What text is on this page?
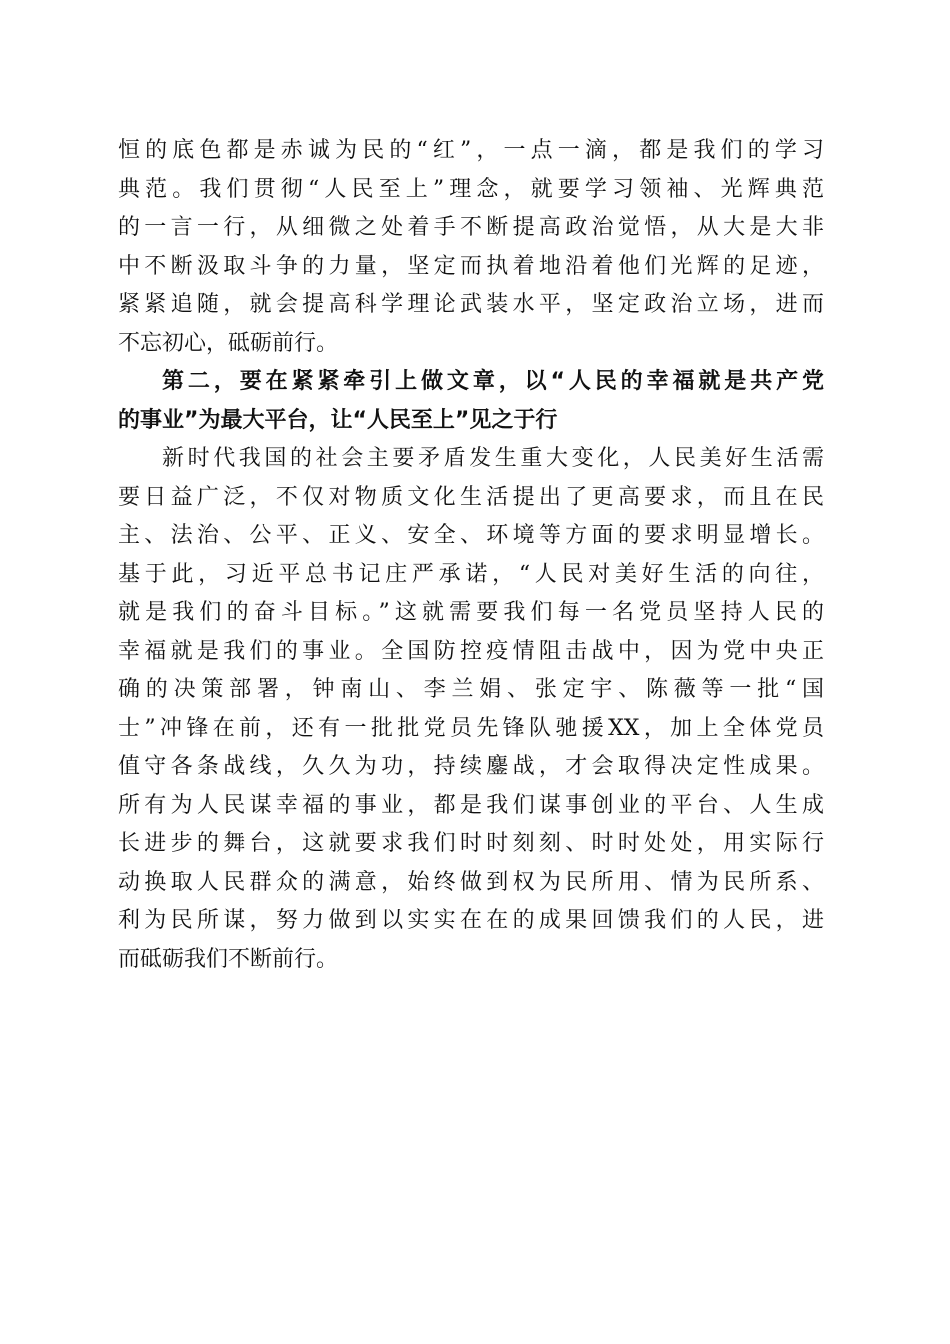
恒的底色都是赤诚为民的“红”，一点一滴，都是我们的学习
典范。我们贯彻“人民至上”理念，就要学习领袖、光辉典范
的一言一行，从细微之处着手不断提高政治觉悟，从大是大非
中不断汲取斗争的力量，坚定而执着地沿着他们光辉的足迹，
紧紧追随，就会提高科学理论武装水平，坚定政治立场，进而
不忘初心，砥砺前行。

第二，要在紧紧牵引上做文章，以“人民的幸福就是共产党
的事业”为最大平台，让“人民至上”见之于行

新时代我国的社会主要矛盾发生重大变化，人民美好生活需
要日益广泛，不仅对物质文化生活提出了更高要求，而且在民
主、法治、公平、正义、安全、环境等方面的要求明显增长。
基于此，习近平总书记庄严承诺，“人民对美好生活的向往，
就是我们的奋斗目标。”这就需要我们每一名党员坚持人民的
幸福就是我们的事业。全国防控疫情阻击战中，因为党中央正
确的决策部署，钟南山、李兰娟、张定宇、陈薇等一批“国
士”冲锋在前，还有一批批党员先锋队驰援XX，加上全体党员
值守各条战线，久久为功，持续鏖战，才会取得决定性成果。
所有为人民谋幸福的事业，都是我们谋事创业的平台、人生成
长进步的舞台，这就要求我们时时刻刻、时时处处，用实际行
动换取人民群众的满意，始终做到权为民所用、情为民所系、
利为民所谋，努力做到以实实在在的成果回馈我们的人民，进
而砥砺我们不断前行。
